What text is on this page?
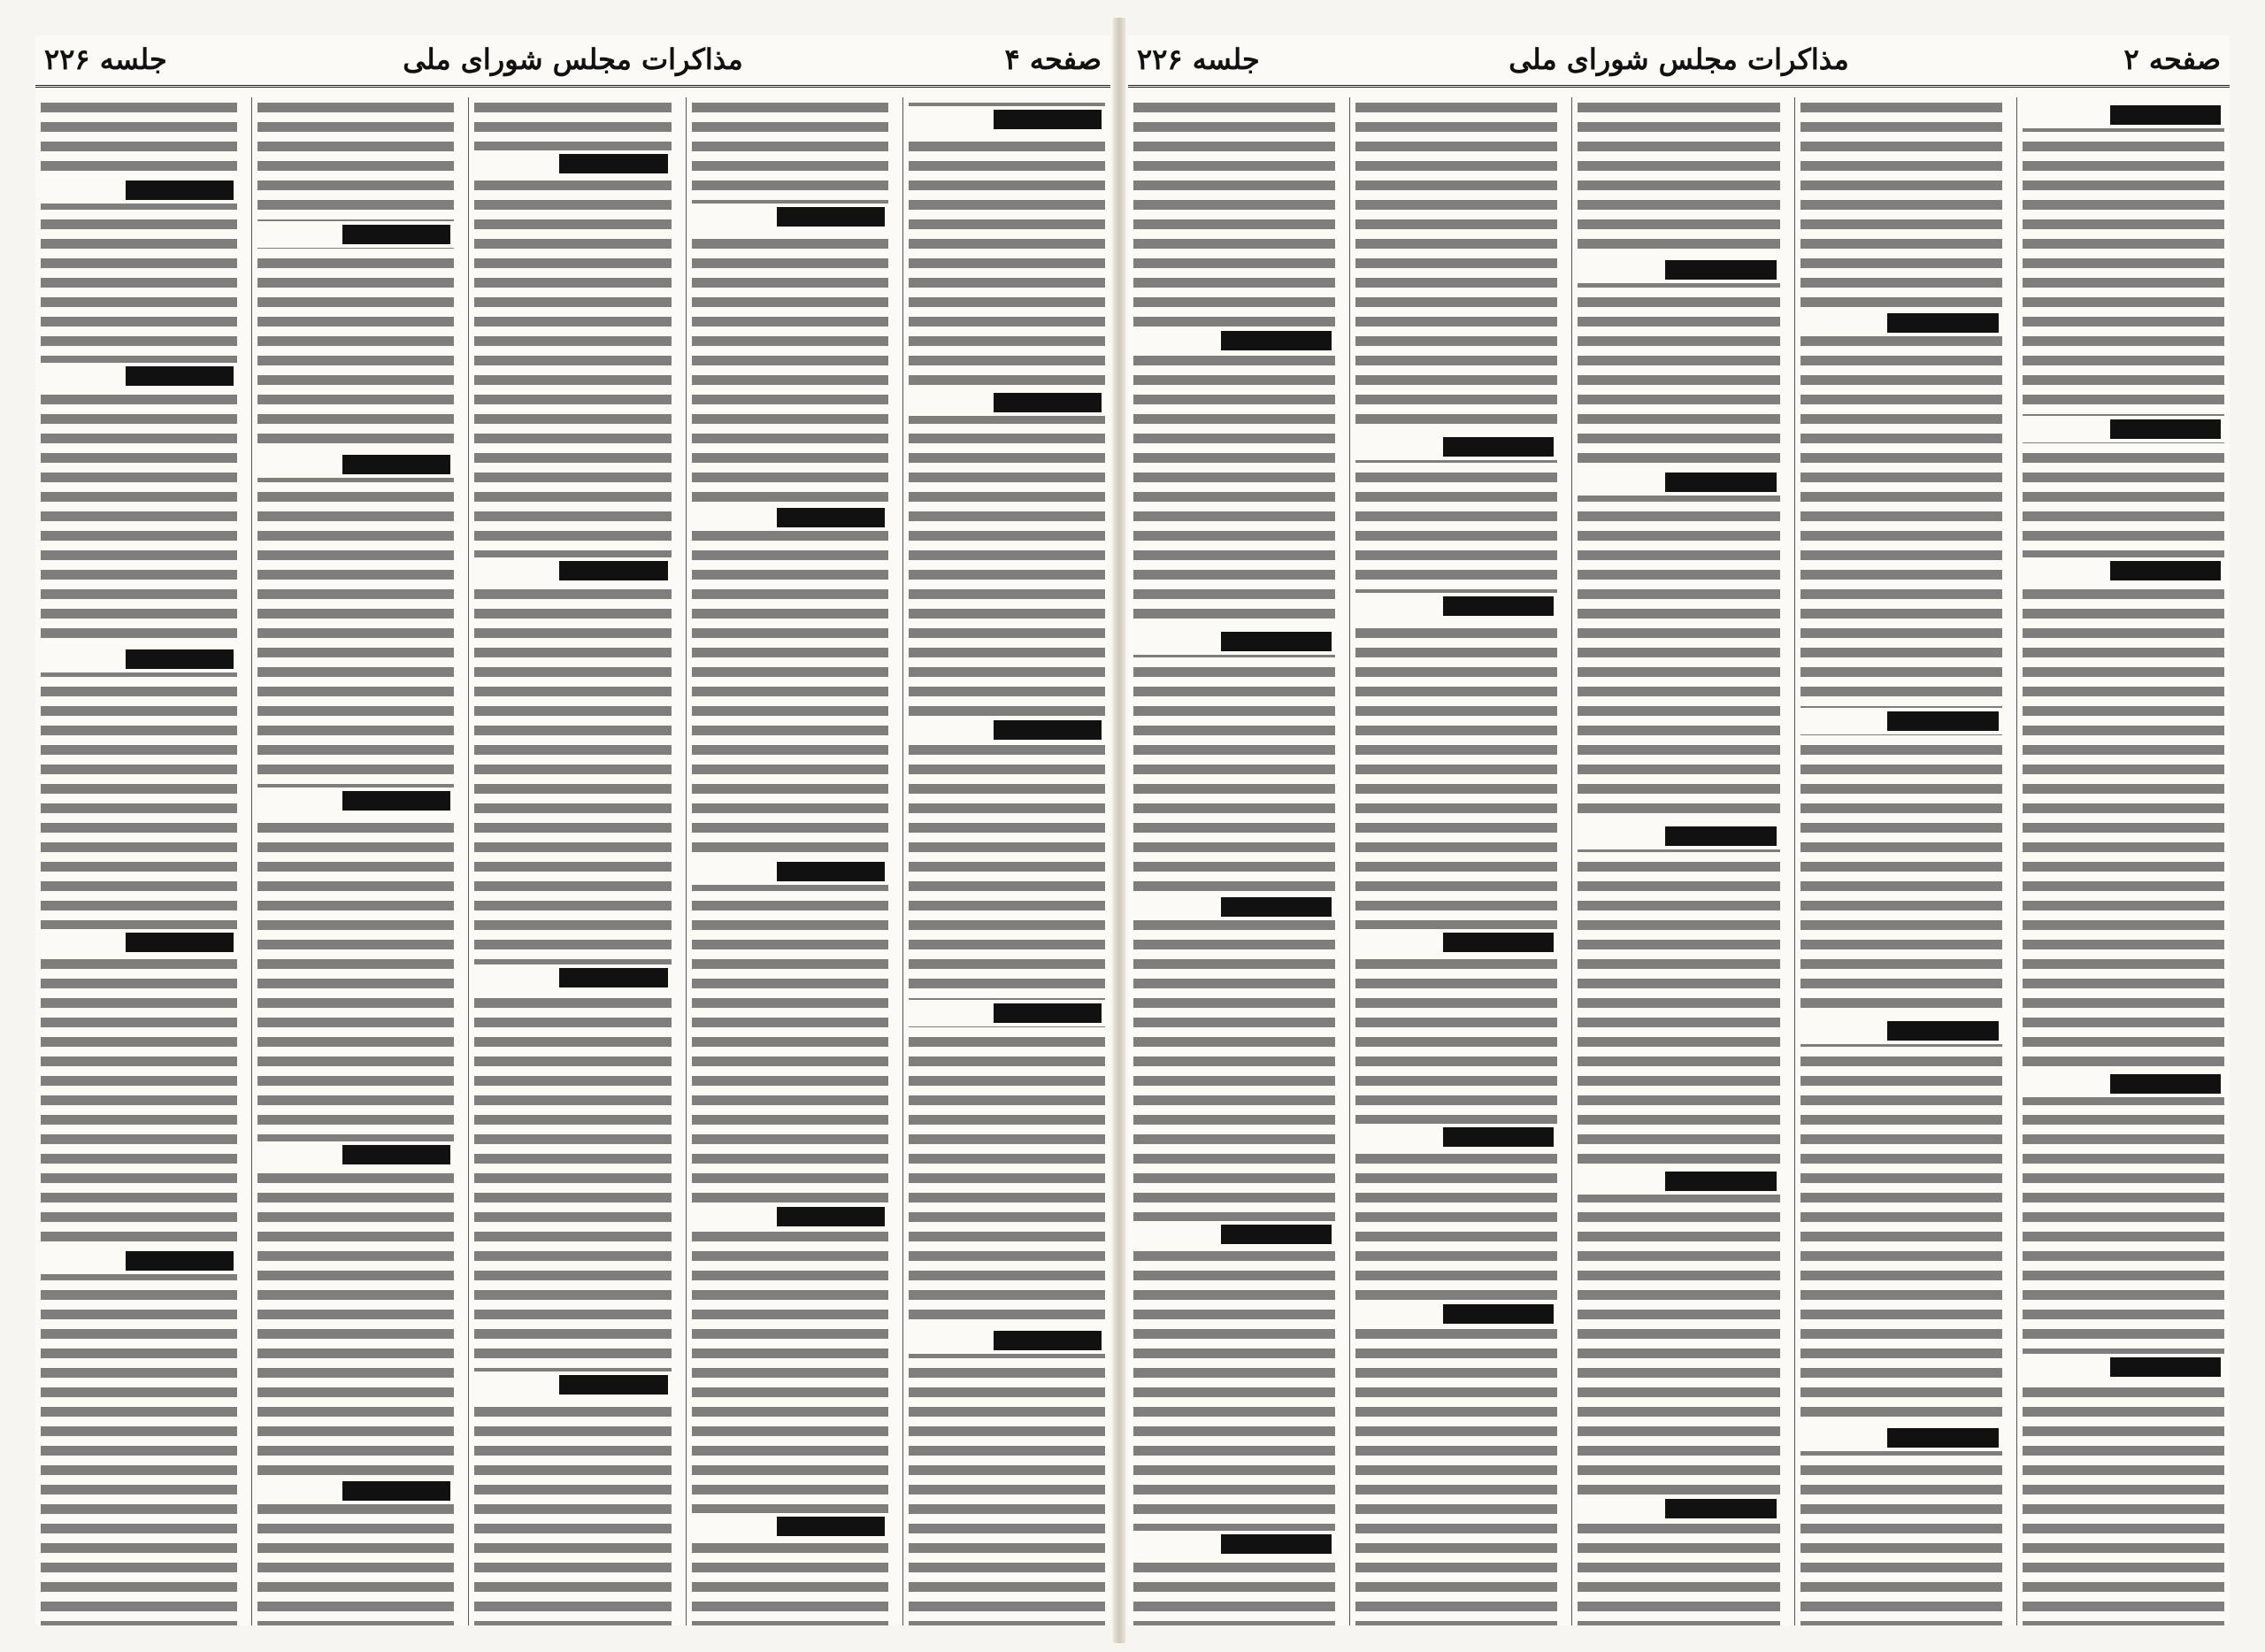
صفحه ۴
مذاکرات مجلس شورای ملی
جلسه ۲۲۶	صفحه ۲
مذاکرات مجلس شورای ملی
جلسه ۲۲۶
